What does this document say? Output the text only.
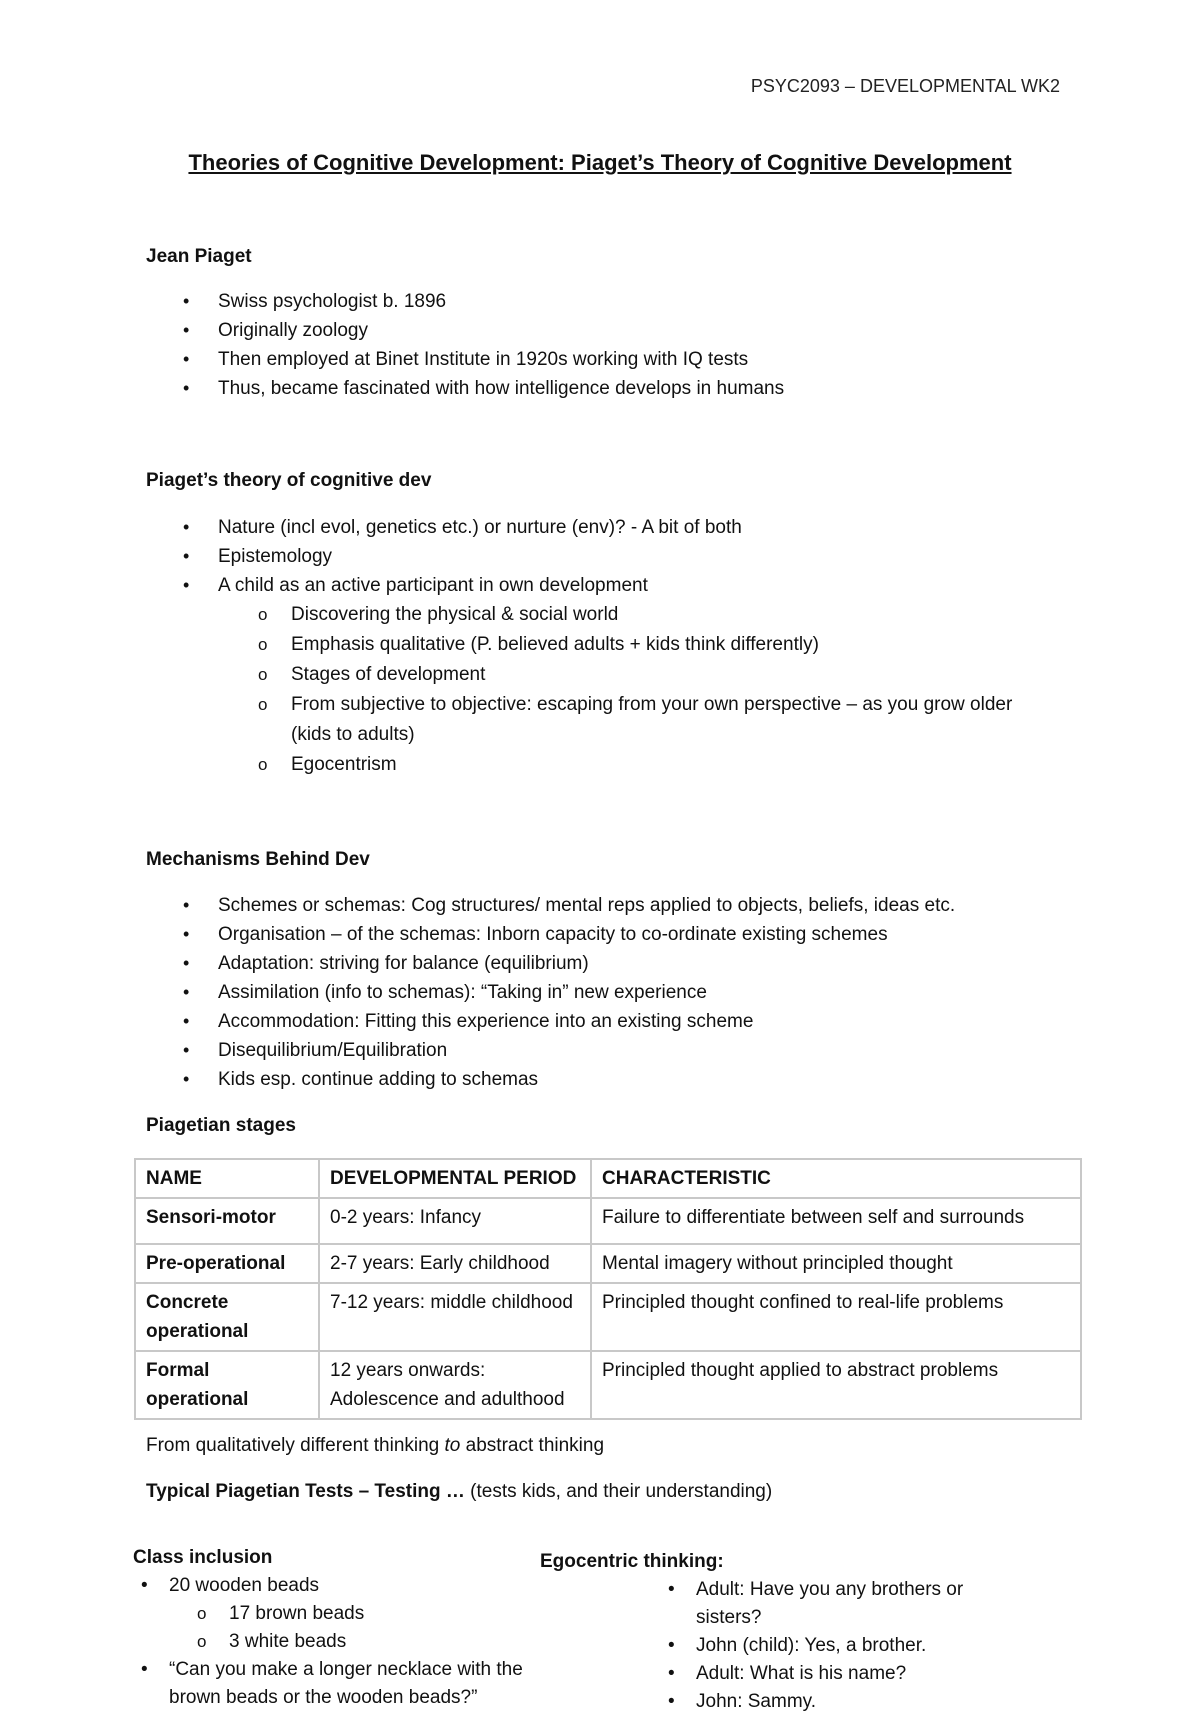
PSYC2093 – DEVELOPMENTAL WK2
Theories of Cognitive Development: Piaget’s Theory of Cognitive Development
Jean Piaget
• Swiss psychologist b. 1896
• Originally zoology
• Then employed at Binet Institute in 1920s working with IQ tests
• Thus, became fascinated with how intelligence develops in humans
Piaget’s theory of cognitive dev
• Nature (incl evol, genetics etc.) or nurture (env)? - A bit of both
• Epistemology
• A child as an active participant in own development
o Discovering the physical & social world
o Emphasis qualitative (P. believed adults + kids think differently)
o Stages of development
o From subjective to objective: escaping from your own perspective – as you grow older (kids to adults)
o Egocentrism
Mechanisms Behind Dev
• Schemes or schemas: Cog structures/ mental reps applied to objects, beliefs, ideas etc.
• Organisation – of the schemas: Inborn capacity to co-ordinate existing schemes
• Adaptation: striving for balance (equilibrium)
• Assimilation (info to schemas): “Taking in” new experience
• Accommodation: Fitting this experience into an existing scheme
• Disequilibrium/Equilibration
• Kids esp. continue adding to schemas
Piagetian stages
NAME	DEVELOPMENTAL PERIOD	CHARACTERISTIC
Sensori-motor	0-2 years: Infancy	Failure to differentiate between self and surrounds
Pre-operational	2-7 years: Early childhood	Mental imagery without principled thought
Concrete operational	7-12 years: middle childhood	Principled thought confined to real-life problems
Formal operational	12 years onwards: Adolescence and adulthood	Principled thought applied to abstract problems
From qualitatively different thinking to abstract thinking
Typical Piagetian Tests – Testing … (tests kids, and their understanding)
Class inclusion
• 20 wooden beads
o 17 brown beads
o 3 white beads
• “Can you make a longer necklace with the brown beads or the wooden beads?”
Egocentric thinking:
• Adult: Have you any brothers or sisters?
• John (child): Yes, a brother.
• Adult: What is his name?
• John: Sammy.
